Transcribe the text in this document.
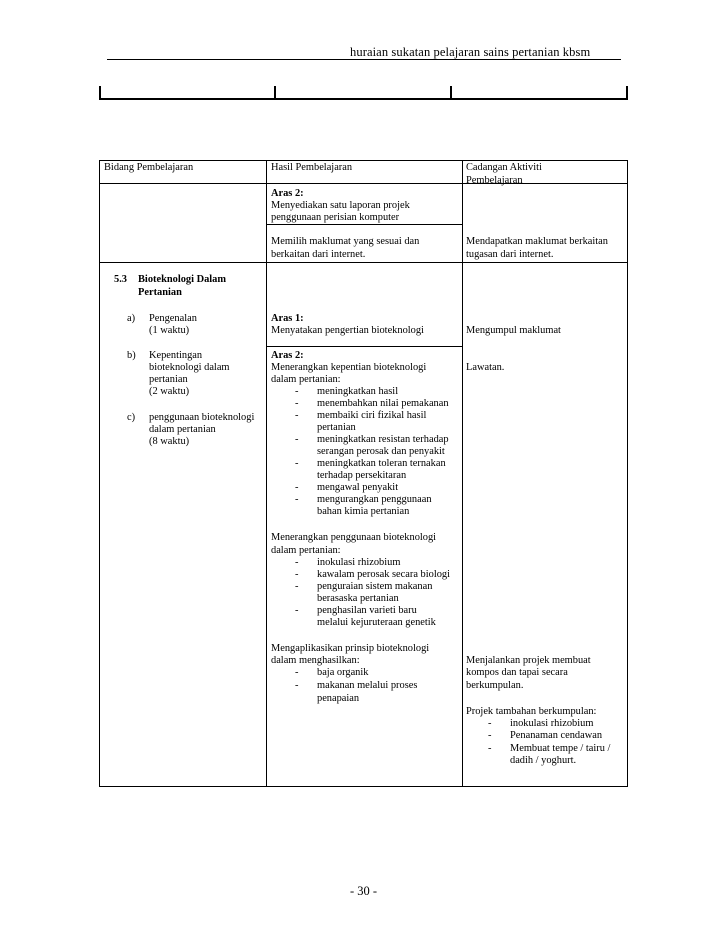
huraian sukatan pelajaran sains pertanian kbsm
Bidang Pembelajaran	Hasil Pembelajaran	Cadangan Aktiviti
Pembelajaran
Aras 2:
Menyediakan satu laporan projek
penggunaan perisian komputer
Memilih maklumat yang sesuai dan
berkaitan dari internet.
Mendapatkan maklumat berkaitan
tugasan dari internet.
5.3 Bioteknologi Dalam
Pertanian
a) Pengenalan
(1 waktu)
b) Kepentingan
bioteknologi dalam
pertanian
(2 waktu)
c) penggunaan bioteknologi
dalam pertanian
(8 waktu)
Aras 1:
Menyatakan pengertian bioteknologi
Aras 2:
Menerangkan kepentian bioteknologi
dalam pertanian:
- meningkatkan hasil
- menembahkan nilai pemakanan
- membaiki ciri fizikal hasil
pertanian
- meningkatkan resistan terhadap
serangan perosak dan penyakit
- meningkatkan toleran ternakan
terhadap persekitaran
- mengawal penyakit
- mengurangkan penggunaan
bahan kimia pertanian
Menerangkan penggunaan bioteknologi
dalam pertanian:
- inokulasi rhizobium
- kawalam perosak secara biologi
- penguraian sistem makanan
berasaska pertanian
- penghasilan varieti baru
melalui kejuruteraan genetik
Mengaplikasikan prinsip bioteknologi
dalam menghasilkan:
- baja organik
- makanan melalui proses
penapaian
Mengumpul maklumat
Lawatan.
Menjalankan projek membuat
kompos dan tapai secara
berkumpulan.
Projek tambahan berkumpulan:
- inokulasi rhizobium
- Penanaman cendawan
- Membuat tempe / tairu /
dadih / yoghurt.
- 30 -
